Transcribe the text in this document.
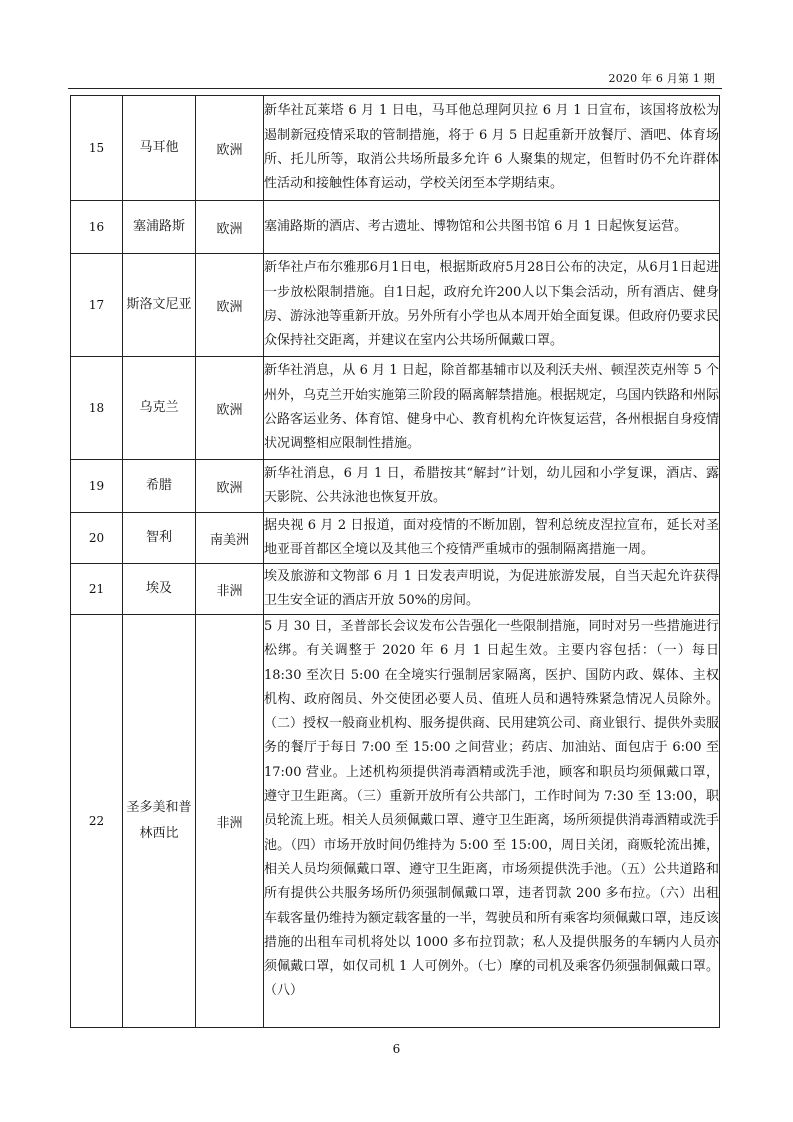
2020 年 6 月第 1 期
15	马耳他	欧洲	新华社瓦莱塔 6 月 1 日电，马耳他总理阿贝拉 6 月 1 日宣布，该国将放松为遏制新冠疫情采取的管制措施，将于 6 月 5 日起重新开放餐厅、酒吧、体育场所、托儿所等，取消公共场所最多允许 6 人聚集的规定，但暂时仍不允许群体性活动和接触性体育运动，学校关闭至本学期结束。
16	塞浦路斯	欧洲	塞浦路斯的酒店、考古遗址、博物馆和公共图书馆 6 月 1 日起恢复运营。
17	斯洛文尼亚	欧洲	新华社卢布尔雅那6月1日电，根据斯政府5月28日公布的决定，从6月1日起进一步放松限制措施。自1日起，政府允许200人以下集会活动，所有酒店、健身房、游泳池等重新开放。另外所有小学也从本周开始全面复课。但政府仍要求民众保持社交距离，并建议在室内公共场所佩戴口罩。
18	乌克兰	欧洲	新华社消息，从 6 月 1 日起，除首都基辅市以及利沃夫州、顿涅茨克州等 5 个州外，乌克兰开始实施第三阶段的隔离解禁措施。根据规定，乌国内铁路和州际公路客运业务、体育馆、健身中心、教育机构允许恢复运营，各州根据自身疫情状况调整相应限制性措施。
19	希腊	欧洲	新华社消息，6 月 1 日，希腊按其“解封”计划，幼儿园和小学复课，酒店、露天影院、公共泳池也恢复开放。
20	智利	南美洲	据央视 6 月 2 日报道，面对疫情的不断加剧，智利总统皮涅拉宣布，延长对圣地亚哥首都区全境以及其他三个疫情严重城市的强制隔离措施一周。
21	埃及	非洲	埃及旅游和文物部 6 月 1 日发表声明说，为促进旅游发展，自当天起允许获得卫生安全证的酒店开放 50%的房间。
22	圣多美和普林西比	非洲	5 月 30 日，圣普部长会议发布公告强化一些限制措施，同时对另一些措施进行松绑。有关调整于 2020 年 6 月 1 日起生效。主要内容包括：（一）每日 18:30 至次日 5:00 在全境实行强制居家隔离，医护、国防内政、媒体、主权机构、政府阁员、外交使团必要人员、值班人员和遇特殊紧急情况人员除外。（二）授权一般商业机构、服务提供商、民用建筑公司、商业银行、提供外卖服务的餐厅于每日 7:00 至 15:00 之间营业；药店、加油站、面包店于 6:00 至 17:00 营业。上述机构须提供消毒酒精或洗手池，顾客和职员均须佩戴口罩，遵守卫生距离。（三）重新开放所有公共部门，工作时间为 7:30 至 13:00，职员轮流上班。相关人员须佩戴口罩、遵守卫生距离，场所须提供消毒酒精或洗手池。（四）市场开放时间仍维持为 5:00 至 15:00，周日关闭，商贩轮流出摊，相关人员均须佩戴口罩、遵守卫生距离，市场须提供洗手池。（五）公共道路和所有提供公共服务场所仍须强制佩戴口罩，违者罚款 200 多布拉。（六）出租车载客量仍维持为额定载客量的一半，驾驶员和所有乘客均须佩戴口罩，违反该措施的出租车司机将处以 1000 多布拉罚款；私人及提供服务的车辆内人员亦须佩戴口罩，如仅司机 1 人可例外。（七）摩的司机及乘客仍须强制佩戴口罩。（八）
6
